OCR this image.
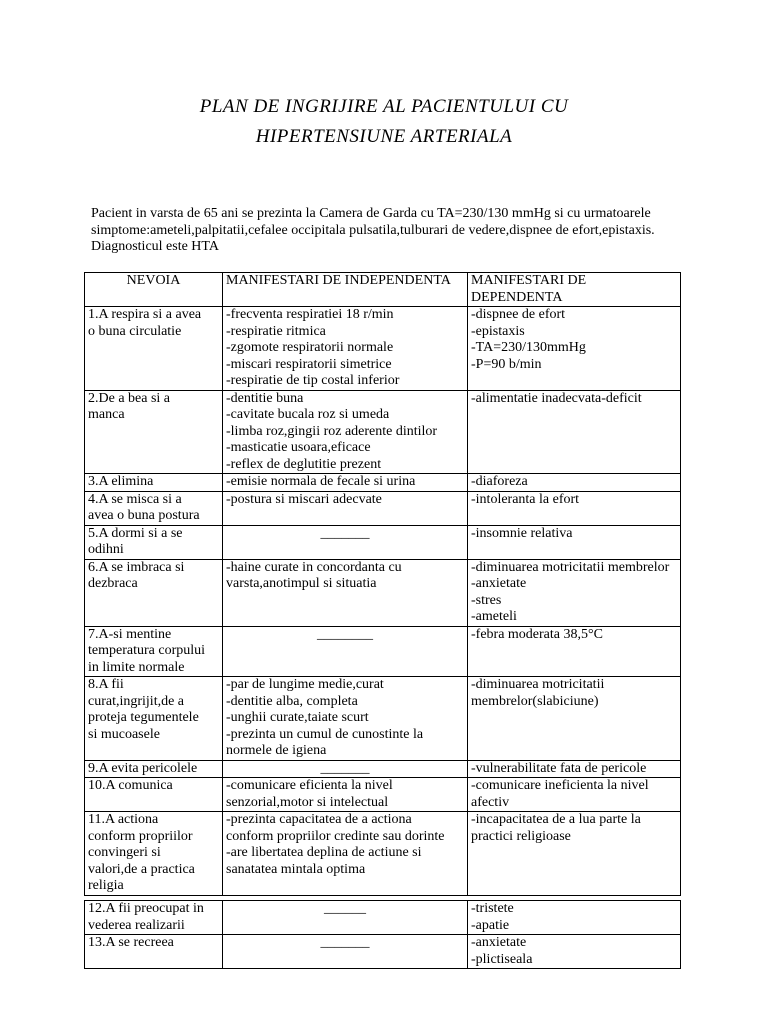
PLAN DE INGRIJIRE AL PACIENTULUI CU
HIPERTENSIUNE ARTERIALA
Pacient in varsta de 65 ani se prezinta la Camera de Garda cu TA=230/130 mmHg si cu urmatoarele
simptome:ameteli,palpitatii,cefalee occipitala pulsatila,tulburari de vedere,dispnee de efort,epistaxis.
Diagnosticul este HTA
NEVOIA	MANIFESTARI DE INDEPENDENTA	MANIFESTARI DE
DEPENDENTA

1.A respira si a avea
o buna circulatie	-frecventa respiratiei 18 r/min
-respiratie ritmica
-zgomote respiratorii normale
-miscari respiratorii simetrice
-respiratie de tip costal inferior	-dispnee de efort
-epistaxis
-TA=230/130mmHg
-P=90 b/min

2.De a bea si a
manca	-dentitie buna
-cavitate bucala roz si umeda
-limba roz,gingii roz aderente dintilor
-masticatie usoara,eficace
-reflex de deglutitie prezent	-alimentatie inadecvata-deficit

3.A elimina	-emisie normala de fecale si urina	-diaforeza

4.A se misca si a
avea o buna postura	-postura si miscari adecvate	-intoleranta la efort

5.A dormi si a se
odihni	_______	-insomnie relativa

6.A se imbraca si
dezbraca	-haine curate in concordanta cu
varsta,anotimpul si situatia	-diminuarea motricitatii membrelor
-anxietate
-stres
-ameteli

7.A-si mentine
temperatura corpului
in limite normale	________	-febra moderata 38,5°C

8.A fii
curat,ingrijit,de a
proteja tegumentele
si mucoasele	-par de lungime medie,curat
-dentitie alba, completa
-unghii curate,taiate scurt
-prezinta un cumul de cunostinte la
normele de igiena	-diminuarea motricitatii
membrelor(slabiciune)

9.A evita pericolele	_______	-vulnerabilitate fata de pericole

10.A comunica	-comunicare eficienta la nivel
senzorial,motor si intelectual	-comunicare ineficienta la nivel
afectiv

11.A actiona
conform propriilor
convingeri si
valori,de a practica
religia	-prezinta capacitatea de a actiona
conform propriilor credinte sau dorinte
-are libertatea deplina de actiune si
sanatatea mintala optima	-incapacitatea de a lua parte la
practici religioase
12.A fii preocupat in
vederea realizarii	______	-tristete
-apatie

13.A se recreea	_______	-anxietate
-plictiseala
